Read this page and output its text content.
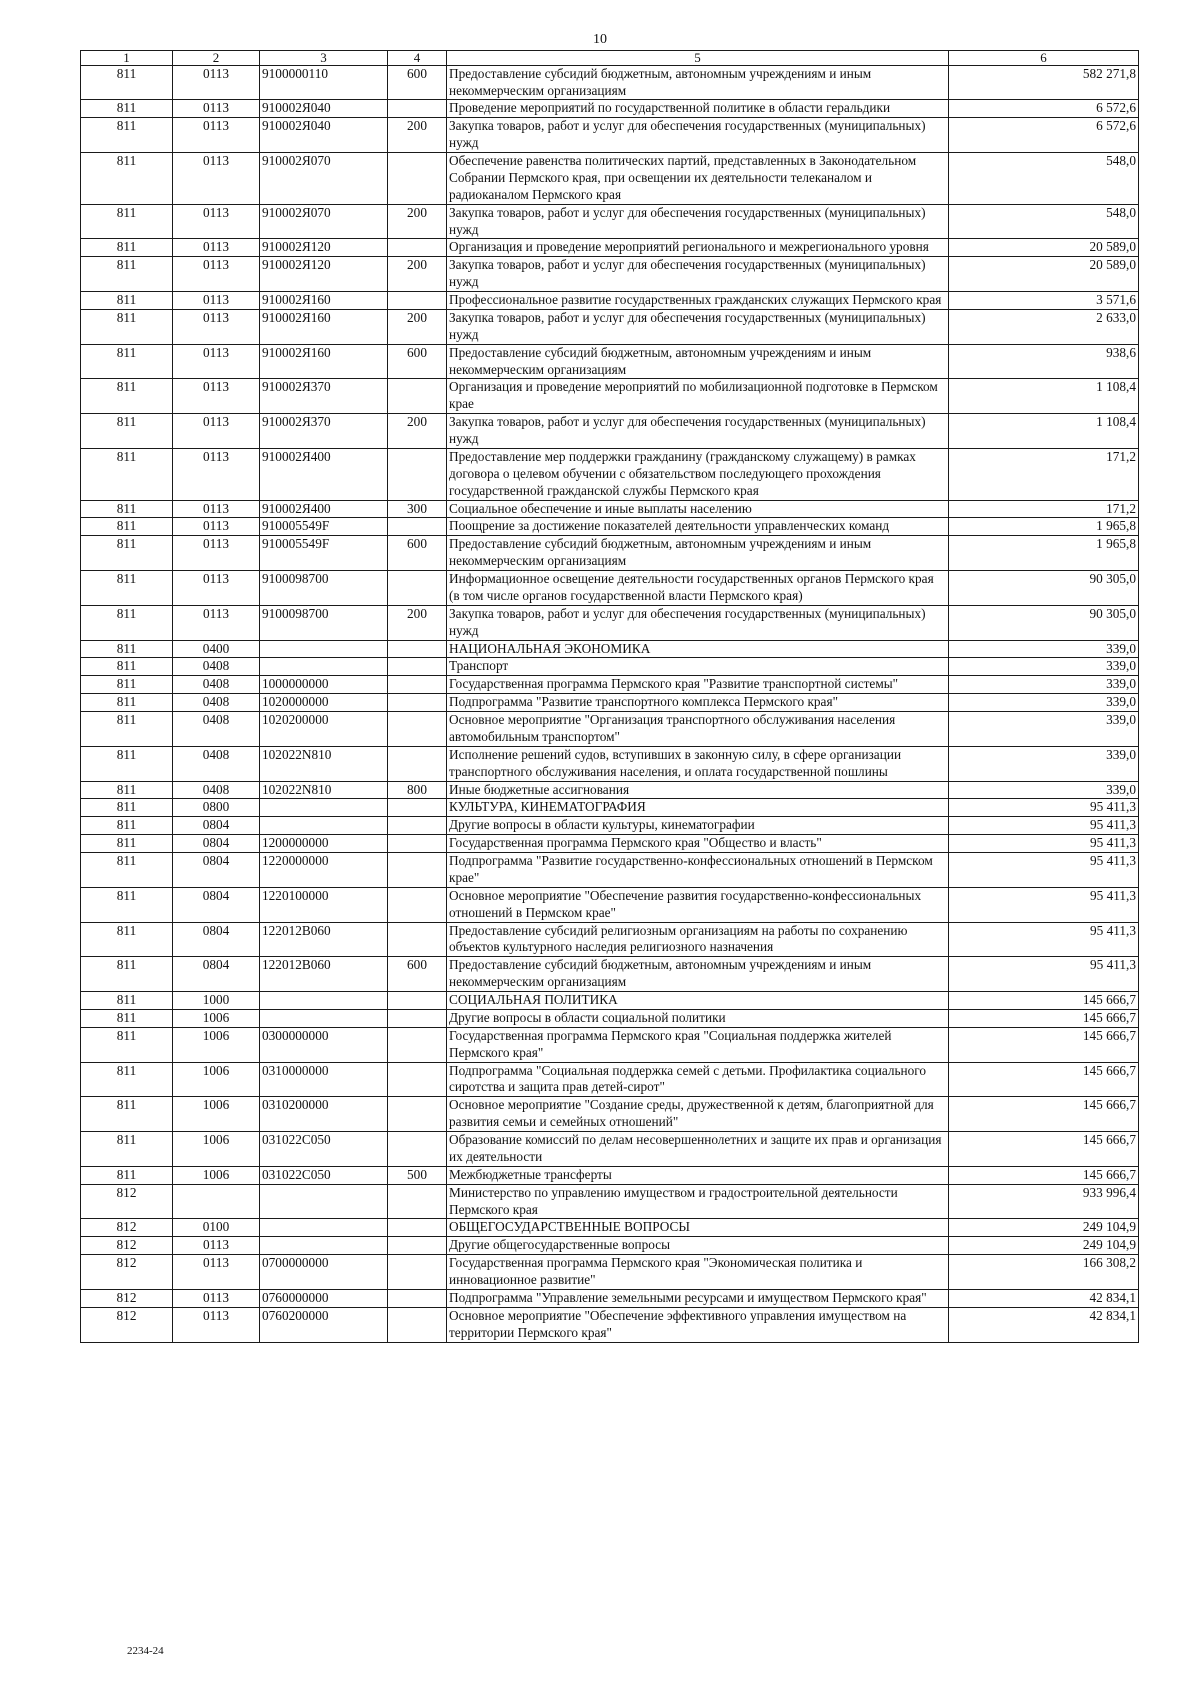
10
1	2	3	4	5	6
811	0113	9100000110	600	Предоставление субсидий бюджетным, автономным учреждениям и иным некоммерческим организациям	582 271,8
811	0113	910002Я040		Проведение мероприятий по государственной политике в области геральдики	6 572,6
811	0113	910002Я040	200	Закупка товаров, работ и услуг для обеспечения государственных (муниципальных) нужд	6 572,6
811	0113	910002Я070		Обеспечение равенства политических партий, представленных в Законодательном Собрании Пермского края, при освещении их деятельности телеканалом и радиоканалом Пермского края	548,0
811	0113	910002Я070	200	Закупка товаров, работ и услуг для обеспечения государственных (муниципальных) нужд	548,0
811	0113	910002Я120		Организация и проведение мероприятий регионального и межрегионального уровня	20 589,0
811	0113	910002Я120	200	Закупка товаров, работ и услуг для обеспечения государственных (муниципальных) нужд	20 589,0
811	0113	910002Я160		Профессиональное развитие государственных гражданских служащих Пермского края	3 571,6
811	0113	910002Я160	200	Закупка товаров, работ и услуг для обеспечения государственных (муниципальных) нужд	2 633,0
811	0113	910002Я160	600	Предоставление субсидий бюджетным, автономным учреждениям и иным некоммерческим организациям	938,6
811	0113	910002Я370		Организация и проведение мероприятий по мобилизационной подготовке в Пермском крае	1 108,4
811	0113	910002Я370	200	Закупка товаров, работ и услуг для обеспечения государственных (муниципальных) нужд	1 108,4
811	0113	910002Я400		Предоставление мер поддержки гражданину (гражданскому служащему) в рамках договора о целевом обучении с обязательством последующего прохождения государственной гражданской службы Пермского края	171,2
811	0113	910002Я400	300	Социальное обеспечение и иные выплаты населению	171,2
811	0113	910005549F		Поощрение за достижение показателей деятельности управленческих команд	1 965,8
811	0113	910005549F	600	Предоставление субсидий бюджетным, автономным учреждениям и иным некоммерческим организациям	1 965,8
811	0113	9100098700		Информационное освещение деятельности государственных органов Пермского края (в том числе органов государственной власти Пермского края)	90 305,0
811	0113	9100098700	200	Закупка товаров, работ и услуг для обеспечения государственных (муниципальных) нужд	90 305,0
811	0400			НАЦИОНАЛЬНАЯ ЭКОНОМИКА	339,0
811	0408			Транспорт	339,0
811	0408	1000000000		Государственная программа Пермского края "Развитие транспортной системы"	339,0
811	0408	1020000000		Подпрограмма "Развитие транспортного комплекса Пермского края"	339,0
811	0408	1020200000		Основное мероприятие "Организация транспортного обслуживания населения автомобильным транспортом"	339,0
811	0408	102022N810		Исполнение решений судов, вступивших в законную силу, в сфере организации транспортного обслуживания населения, и оплата государственной пошлины	339,0
811	0408	102022N810	800	Иные бюджетные ассигнования	339,0
811	0800			КУЛЬТУРА, КИНЕМАТОГРАФИЯ	95 411,3
811	0804			Другие вопросы в области культуры, кинематографии	95 411,3
811	0804	1200000000		Государственная программа Пермского края "Общество и власть"	95 411,3
811	0804	1220000000		Подпрограмма "Развитие государственно-конфессиональных отношений в Пермском крае"	95 411,3
811	0804	1220100000		Основное мероприятие "Обеспечение развития государственно-конфессиональных отношений в Пермском крае"	95 411,3
811	0804	122012B060		Предоставление субсидий религиозным организациям на работы по сохранению объектов культурного наследия религиозного назначения	95 411,3
811	0804	122012B060	600	Предоставление субсидий бюджетным, автономным учреждениям и иным некоммерческим организациям	95 411,3
811	1000			СОЦИАЛЬНАЯ ПОЛИТИКА	145 666,7
811	1006			Другие вопросы в области социальной политики	145 666,7
811	1006	0300000000		Государственная программа Пермского края "Социальная поддержка жителей Пермского края"	145 666,7
811	1006	0310000000		Подпрограмма "Социальная поддержка семей с детьми. Профилактика социального сиротства и защита прав детей-сирот"	145 666,7
811	1006	0310200000		Основное мероприятие "Создание среды, дружественной к детям, благоприятной для развития семьи и семейных отношений"	145 666,7
811	1006	031022C050		Образование комиссий по делам несовершеннолетних и защите их прав и организация их деятельности	145 666,7
811	1006	031022C050	500	Межбюджетные трансферты	145 666,7
812				Министерство по управлению имуществом и градостроительной деятельности Пермского края	933 996,4
812	0100			ОБЩЕГОСУДАРСТВЕННЫЕ ВОПРОСЫ	249 104,9
812	0113			Другие общегосударственные вопросы	249 104,9
812	0113	0700000000		Государственная программа Пермского края "Экономическая политика и инновационное развитие"	166 308,2
812	0113	0760000000		Подпрограмма "Управление земельными ресурсами и имуществом Пермского края"	42 834,1
812	0113	0760200000		Основное мероприятие "Обеспечение эффективного управления имуществом на территории Пермского края"	42 834,1
2234-24
